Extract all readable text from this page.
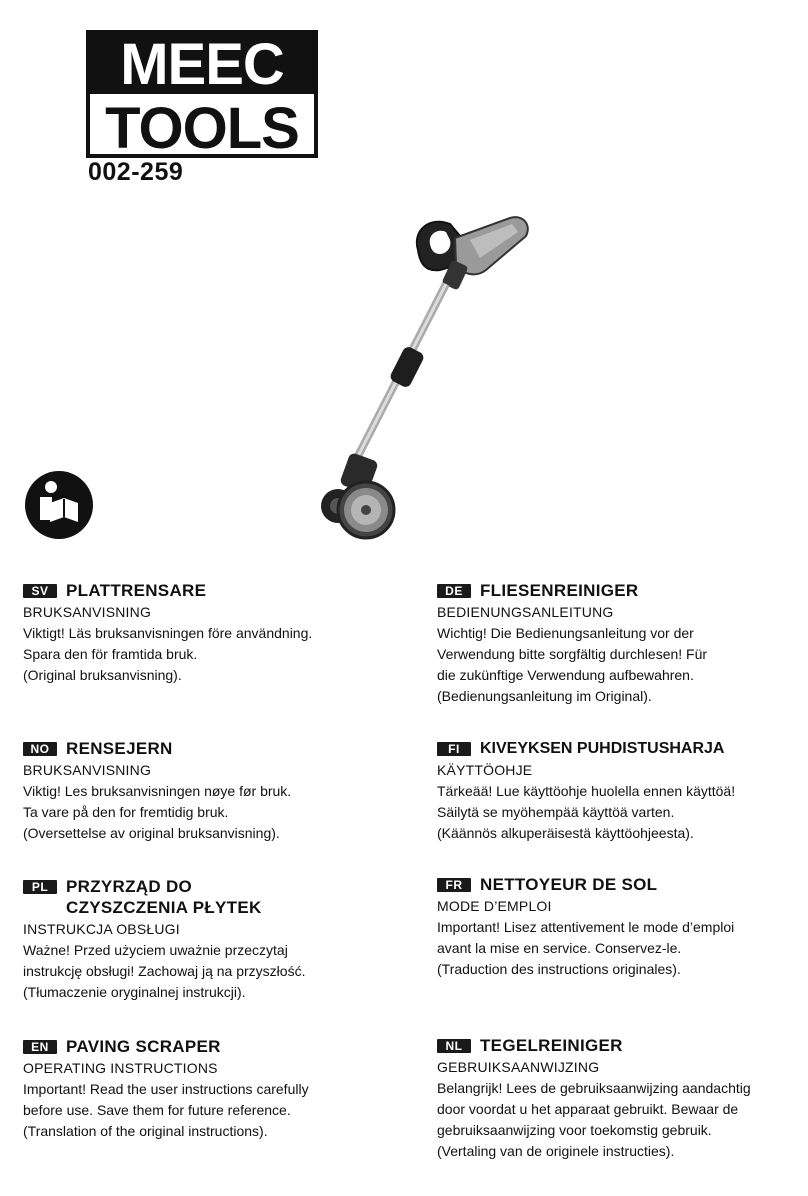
MEEC
TOOLS
002-259
SV	PLATTRENSARE
BRUKSANVISNING
Viktigt! Läs bruksanvisningen före användning.
Spara den för framtida bruk.
(Original bruksanvisning).
NO RENSEJERN
BRUKSANVISNING
Viktig! Les bruksanvisningen nøye før bruk.
Ta vare på den for fremtidig bruk.
(Oversettelse av original bruksanvisning).
PL	PRZYRZĄD DO
CZYSZCZENIA PŁYTEK
INSTRUKCJA OBSŁUGI
Ważne! Przed użyciem uważnie przeczytaj
instrukcję obsługi! Zachowaj ją na przyszłość.
(Tłumaczenie oryginalnej instrukcji).
EN	PAVING SCRAPER
OPERATING INSTRUCTIONS
Important! Read the user instructions carefully
before use. Save them for future reference.
(Translation of the original instructions).
DE	FLIESENREINIGER
BEDIENUNGSANLEITUNG
Wichtig! Die Bedienungsanleitung vor der
Verwendung bitte sorgfältig durchlesen! Für
die zukünftige Verwendung aufbewahren.
(Bedienungsanleitung im Original).
FI	KIVEYKSEN PUHDISTUSHARJA
KÄYTTÖOHJE
Tärkeää! Lue käyttöohje huolella ennen käyttöä!
Säilytä se myöhempää käyttöä varten.
(Käännös alkuperäisestä käyttöohjeesta).
FR	NETTOYEUR DE SOL
MODE D’EMPLOI
Important! Lisez attentivement le mode d’emploi
avant la mise en service. Conservez-le.
(Traduction des instructions originales).
NL	TEGELREINIGER
GEBRUIKSAANWIJZING
Belangrijk! Lees de gebruiksaanwijzing aandachtig
door voordat u het apparaat gebruikt. Bewaar de
gebruiksaanwijzing voor toekomstig gebruik.
(Vertaling van de originele instructies).
